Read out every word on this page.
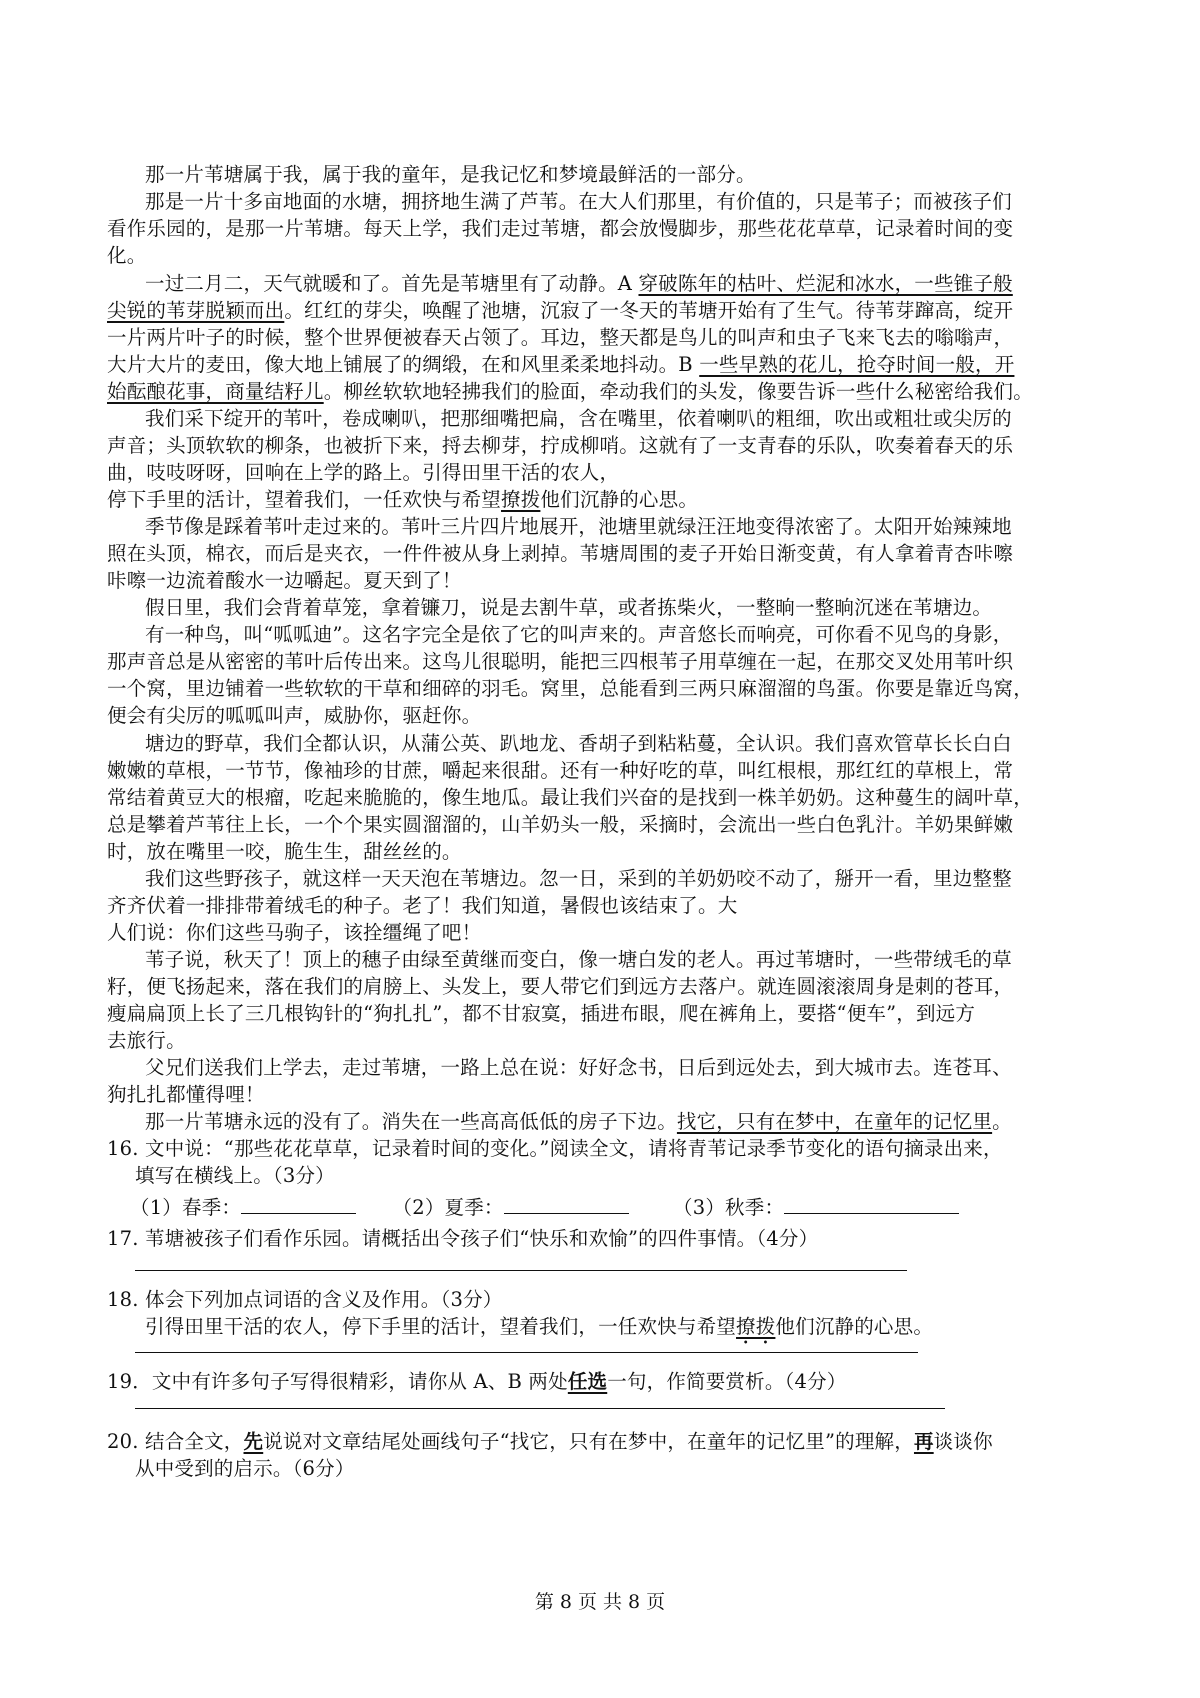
那一片苇塘属于我，属于我的童年，是我记忆和梦境最鲜活的一部分。
那是一片十多亩地面的水塘，拥挤地生满了芦苇。在大人们那里，有价值的，只是苇子；而被孩子们
看作乐园的，是那一片苇塘。每天上学，我们走过苇塘，都会放慢脚步，那些花花草草，记录着时间的变
化。
一过二月二，天气就暖和了。首先是苇塘里有了动静。A 穿破陈年的枯叶、烂泥和冰水，一些锥子般
尖锐的苇芽脱颖而出。红红的芽尖，唤醒了池塘，沉寂了一冬天的苇塘开始有了生气。待苇芽蹿高，绽开
一片两片叶子的时候，整个世界便被春天占领了。耳边，整天都是鸟儿的叫声和虫子飞来飞去的嗡嗡声，
大片大片的麦田，像大地上铺展了的绸缎，在和风里柔柔地抖动。B 一些早熟的花儿，抢夺时间一般，开
始酝酿花事，商量结籽儿。柳丝软软地轻拂我们的脸面，牵动我们的头发，像要告诉一些什么秘密给我们。
我们采下绽开的苇叶，卷成喇叭，把那细嘴把扁，含在嘴里，依着喇叭的粗细，吹出或粗壮或尖厉的
声音；头顶软软的柳条，也被折下来，捋去柳芽，拧成柳哨。这就有了一支青春的乐队，吹奏着春天的乐
曲，吱吱呀呀，回响在上学的路上。引得田里干活的农人，
停下手里的活计，望着我们，一任欢快与希望撩拨他们沉静的心思。
季节像是踩着苇叶走过来的。苇叶三片四片地展开，池塘里就绿汪汪地变得浓密了。太阳开始辣辣地
照在头顶，棉衣，而后是夹衣，一件件被从身上剥掉。苇塘周围的麦子开始日渐变黄，有人拿着青杏咔嚓
咔嚓一边流着酸水一边嚼起。夏天到了！
假日里，我们会背着草笼，拿着镰刀，说是去割牛草，或者拣柴火，一整晌一整晌沉迷在苇塘边。
有一种鸟，叫“呱呱迪”。这名字完全是依了它的叫声来的。声音悠长而响亮，可你看不见鸟的身影，
那声音总是从密密的苇叶后传出来。这鸟儿很聪明，能把三四根苇子用草缠在一起，在那交叉处用苇叶织
一个窝，里边铺着一些软软的干草和细碎的羽毛。窝里，总能看到三两只麻溜溜的鸟蛋。你要是靠近鸟窝，
便会有尖厉的呱呱叫声，威胁你，驱赶你。
塘边的野草，我们全都认识，从蒲公英、趴地龙、香胡子到粘粘蔓，全认识。我们喜欢管草长长白白
嫩嫩的草根，一节节，像袖珍的甘蔗，嚼起来很甜。还有一种好吃的草，叫红根根，那红红的草根上，常
常结着黄豆大的根瘤，吃起来脆脆的，像生地瓜。最让我们兴奋的是找到一株羊奶奶。这种蔓生的阔叶草，
总是攀着芦苇往上长，一个个果实圆溜溜的，山羊奶头一般，采摘时，会流出一些白色乳汁。羊奶果鲜嫩
时，放在嘴里一咬，脆生生，甜丝丝的。
我们这些野孩子，就这样一天天泡在苇塘边。忽一日，采到的羊奶奶咬不动了，掰开一看，里边整整
齐齐伏着一排排带着绒毛的种子。老了！我们知道，暑假也该结束了。大
人们说：你们这些马驹子，该拴缰绳了吧！
苇子说，秋天了！顶上的穗子由绿至黄继而变白，像一塘白发的老人。再过苇塘时，一些带绒毛的草
籽，便飞扬起来，落在我们的肩膀上、头发上，要人带它们到远方去落户。就连圆滚滚周身是刺的苍耳，
瘦扁扁顶上长了三几根钩针的“狗扎扎”，都不甘寂寞，插进布眼，爬在裤角上，要搭“便车”，到远方
去旅行。
父兄们送我们上学去，走过苇塘，一路上总在说：好好念书，日后到远处去，到大城市去。连苍耳、
狗扎扎都懂得哩！
那一片苇塘永远的没有了。消失在一些高高低低的房子下边。找它，只有在梦中，在童年的记忆里。
16. 文中说：“那些花花草草，记录着时间的变化。”阅读全文，请将青苇记录季节变化的语句摘录出来，
填写在横线上。（3分）
（1）春季：	（2）夏季：	（3）秋季：
17. 苇塘被孩子们看作乐园。请概括出令孩子们“快乐和欢愉”的四件事情。（4分）
18. 体会下列加点词语的含义及作用。（3分）
引得田里干活的农人，停下手里的活计，望着我们，一任欢快与希望撩拨他们沉静的心思。
19．文中有许多句子写得很精彩，请你从 A、B 两处任选一句，作简要赏析。（4分）
20. 结合全文，先说说对文章结尾处画线句子“找它，只有在梦中，在童年的记忆里”的理解，再谈谈你
从中受到的启示。（6分）
第 8 页 共 8 页
